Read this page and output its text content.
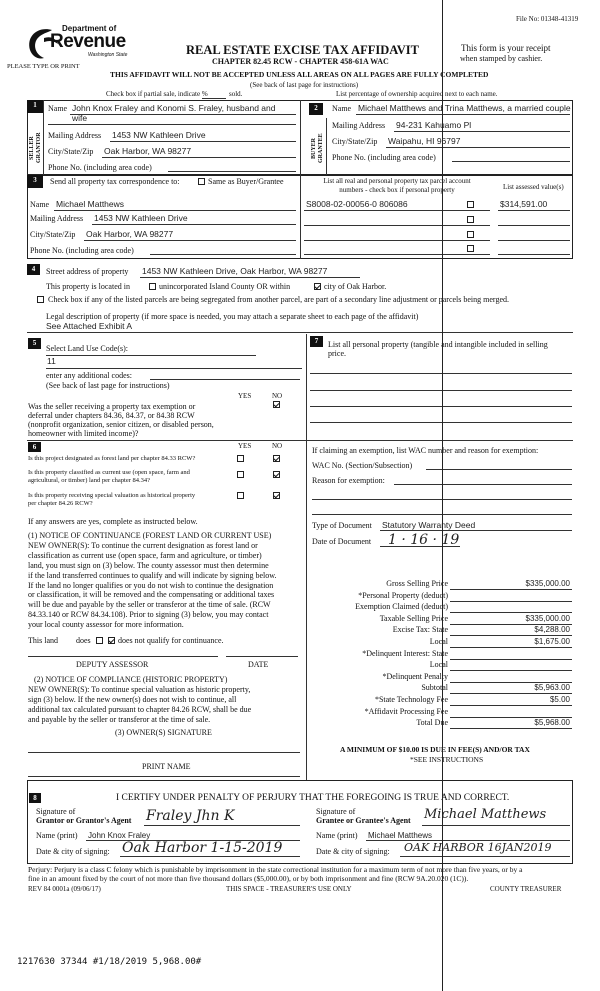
File No: 01348-41319
Department of
Revenue
Washington State
PLEASE TYPE OR PRINT
REAL ESTATE EXCISE TAX AFFIDAVIT
CHAPTER 82.45 RCW - CHAPTER 458-61A WAC
This form is your receipt
when stamped by cashier.
THIS AFFIDAVIT WILL NOT BE ACCEPTED UNLESS ALL AREAS ON ALL PAGES ARE FULLY COMPLETED
(See back of last page for instructions)
Check box if partial sale, indicate %	sold.	List percentage of ownership acquired next to each name.
1
SELLER GRANTOR
Name John Knox Fraley and Konomi S. Fraley, husband and
wife
Mailing Address 1453 NW Kathleen Drive
City/State/Zip Oak Harbor, WA 98277
Phone No. (including area code)
2
BUYER GRANTEE
Name Michael Matthews and Trina Matthews, a married couple
Mailing Address 94-231 Kahuamo Pl
City/State/Zip Waipahu, HI 96797
Phone No. (including area code)
3	Send all property tax correspondence to:	Same as Buyer/Grantee
Name Michael Matthews
Mailing Address 1453 NW Kathleen Drive
City/State/Zip Oak Harbor, WA 98277
Phone No. (including area code)
List all real and personal property tax parcel account
numbers - check box if personal property	List assessed value(s)
S8008-02-00056-0 806086	$314,591.00
4	Street address of property 1453 NW Kathleen Drive, Oak Harbor, WA 98277
This property is located in	unincorporated Island County OR within	city of Oak Harbor.
Check box if any of the listed parcels are being segregated from another parcel, are part of a secondary line adjustment or parcels being merged.
Legal description of property (if more space is needed, you may attach a separate sheet to each page of the affidavit)
See Attached Exhibit A
5
Select Land Use Code(s):
11
enter any additional codes:
(See back of last page for instructions)
YES	NO
Was the seller receiving a property tax exemption or
deferral under chapters 84.36, 84.37, or 84.38 RCW
(nonprofit organization, senior citizen, or disabled person,
homeowner with limited income)?
7	List all personal property (tangible and intangible included in selling
price.
6	YES	NO
Is this project designated as forest land per chapter 84.33 RCW?
Is this property classified as current use (open space, farm and
agricultural, or timber) land per chapter 84.34?
Is this property receiving special valuation as historical property
per chapter 84.26 RCW?
If any answers are yes, complete as instructed below.
(1) NOTICE OF CONTINUANCE (FOREST LAND OR CURRENT USE)
NEW OWNER(S): To continue the current designation as forest land or
classification as current use (open space, farm and agriculture, or timber)
land, you must sign on (3) below. The county assessor must then determine
if the land transferred continues to qualify and will indicate by signing below.
If the land no longer qualifies or you do not wish to continue the designation
or classification, it will be removed and the compensating or additional taxes
will be due and payable by the seller or transferor at the time of sale. (RCW
84.33.140 or RCW 84.34.108). Prior to signing (3) below, you may contact
your local county assessor for more information.
This land does	does not qualify for continuance.
DEPUTY ASSESSOR	DATE
(2) NOTICE OF COMPLIANCE (HISTORIC PROPERTY)
NEW OWNER(S): To continue special valuation as historic property,
sign (3) below. If the new owner(s) does not wish to continue, all
additional tax calculated pursuant to chapter 84.26 RCW, shall be due
and payable by the seller or transferor at the time of sale.
(3) OWNER(S) SIGNATURE
PRINT NAME
If claiming an exemption, list WAC number and reason for exemption:
WAC No. (Section/Subsection)
Reason for exemption:
Type of Document Statutory Warranty Deed
Date of Document 1 · 16 · 19
Gross Selling Price	$335,000.00
*Personal Property (deduct)
Exemption Claimed (deduct)
Taxable Selling Price	$335,000.00
Excise Tax: State	$4,288.00
Local	$1,675.00
*Delinquent Interest: State
Local
*Delinquent Penalty
Subtotal	$5,963.00
*State Technology Fee	$5.00
*Affidavit Processing Fee
Total Due	$5,968.00
A MINIMUM OF $10.00 IS DUE IN FEE(S) AND/OR TAX
*SEE INSTRUCTIONS
8	I CERTIFY UNDER PENALTY OF PERJURY THAT THE FOREGOING IS TRUE AND CORRECT.
Signature of
Grantor or Grantor's Agent Fraley Jhn K
Name (print) John Knox Fraley
Date & city of signing: Oak Harbor 1-15-2019
Signature of
Grantee or Grantee's Agent Michael Matthews
Name (print) Michael Matthews
Date & city of signing: OAK HARBOR 16JAN2019
Perjury: Perjury is a class C felony which is punishable by imprisonment in the state correctional institution for a maximum term of not more than five years, or by a
fine in an amount fixed by the court of not more than five thousand dollars ($5,000.00), or by both imprisonment and fine (RCW 9A.20.020 (1C)).
REV 84 0001a (09/06/17)	THIS SPACE - TREASURER'S USE ONLY	COUNTY TREASURER
1217630 37344 #1/18/2019 5,968.00#
